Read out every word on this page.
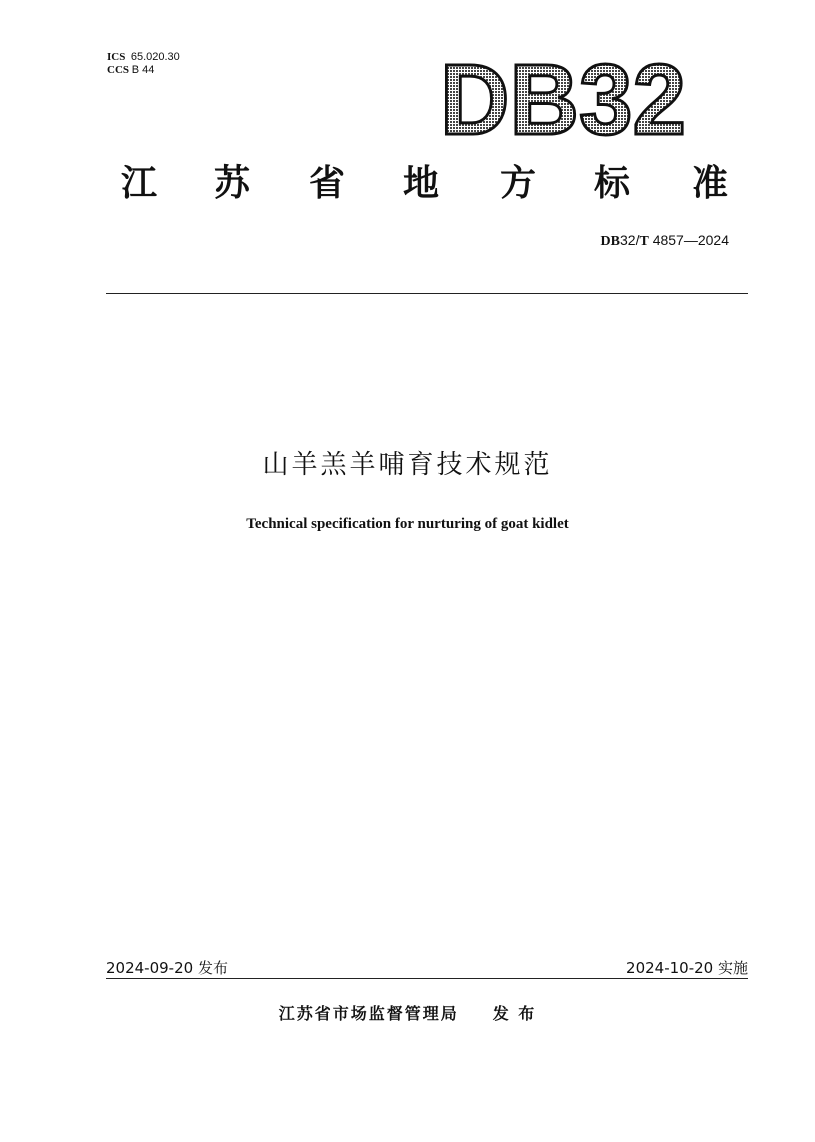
ICS 65.020.30
CCS B 44	DB32
江 苏 省 地 方 标 准
DB32/T 4857—2024
山羊羔羊哺育技术规范
Technical specification for nurturing of goat kidlet
2024-09-20 发布	2024-10-20 实施
江苏省市场监督管理局 发 布
